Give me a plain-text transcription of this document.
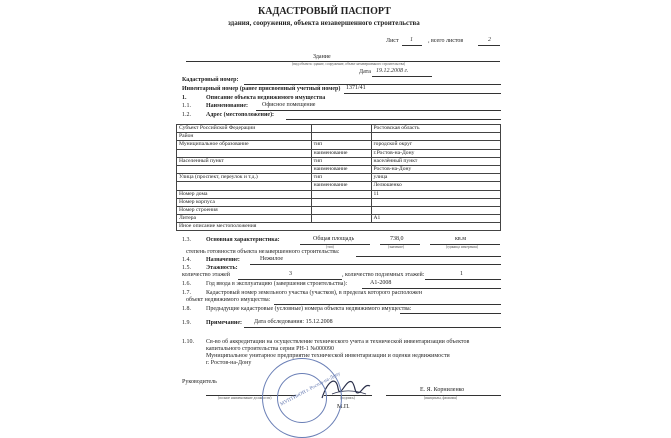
КАДАСТРОВЫЙ ПАСПОРТ
здания, сооружения, объекта незавершенного строительства
Лист 1	, всего листов	2
Здание
(вид объекта: здание, сооружение, объект незавершенного строительства)
Дата 19.12.2008 г.
Кадастровый номер:
Инвентарный номер (ранее присвоенный учетный номер) 1371/41
1.	Описание объекта недвижимого имущества
1.1.	Наименование: Офисное помещение
1.2.	Адрес (местоположение):
Субъект Российской Федерации		Ростовская область
Район		
Муниципальное образование	тип	городской округ
	наименование	г.Ростов-на-Дону
Населенный пункт	тип	населённый пункт
	наименование	Ростов-на-Дону
Улица (проспект, переулок и т.д.)	тип	улица
	наименование	Лелюшенко
Номер дома		11
Номер корпуса		
Номер строения		
Литера		А1
Иное описание местоположения		
1.3.	Основная характеристика:	Общая площадь	738,0	кв.м
(тип)	(значение)	(единица измерения)
степень готовности объекта незавершенного строительства:
1.4.	Назначение:	Нежилое
1.5.	Этажность:
количество этажей	3	, количество подземных этажей:	1
1.6.	Год ввода в эксплуатацию (завершения строительства):	А1-2008
1.7.	Кадастровый номер земельного участка (участков), в пределах которого расположен
объект недвижимого имущества:
1.8.	Предыдущие кадастровые (условные) номера объекта недвижимого имущества:
1.9.	Примечание: Дата обследования: 15.12.2008
1.10. Св-во об аккредитации на осуществление технического учета и технической инвентаризации объектов
капитального строительства серии РН-1 №000090
Муниципальное унитарное предприятие технической инвентаризации и оценки недвижимости
г. Ростов-на-Дону
Руководитель
Е. Я. Корниленко
(полное наименование должности)	(подпись)	(инициалы, фамилия)
М.П.
МУПТИиОН г. Ростов-на-Дону
